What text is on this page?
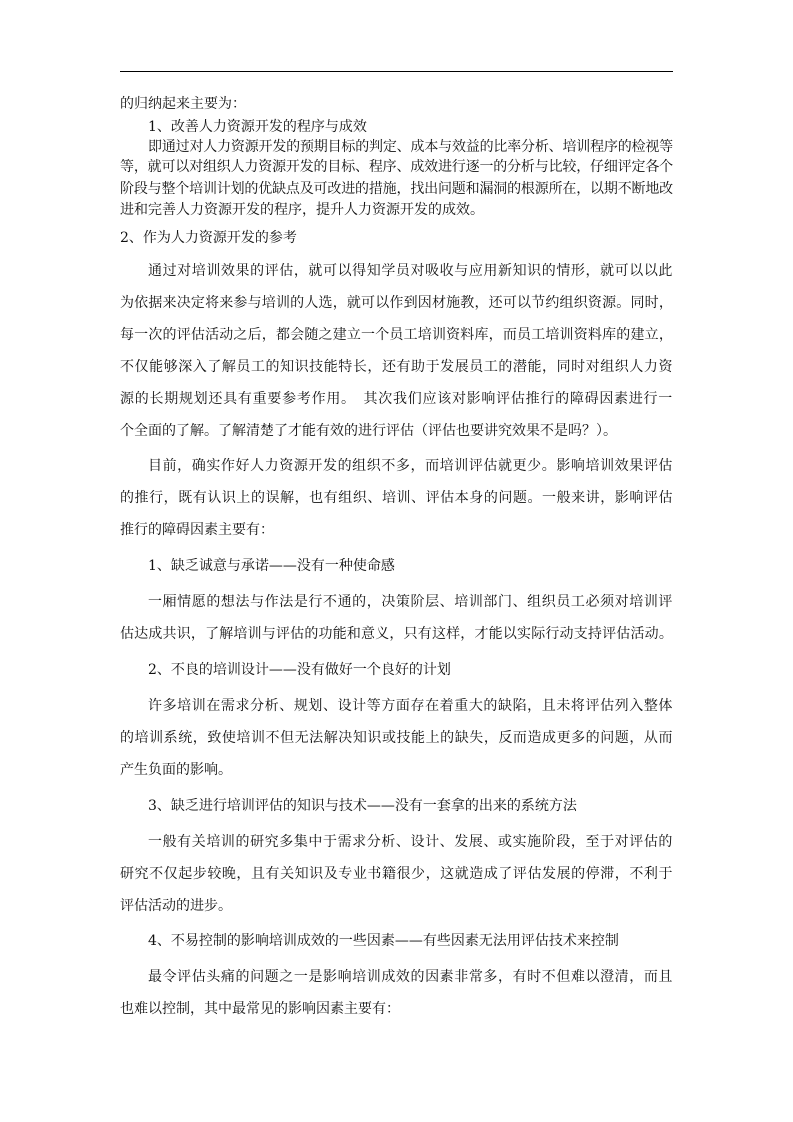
的归纳起来主要为：
1、改善人力资源开发的程序与成效
即通过对人力资源开发的预期目标的判定、成本与效益的比率分析、培训程序的检视等
等，就可以对组织人力资源开发的目标、程序、成效进行逐一的分析与比较，仔细评定各个
阶段与整个培训计划的优缺点及可改进的措施，找出问题和漏洞的根源所在，以期不断地改
进和完善人力资源开发的程序，提升人力资源开发的成效。
2、作为人力资源开发的参考
通过对培训效果的评估，就可以得知学员对吸收与应用新知识的情形，就可以以此
为依据来决定将来参与培训的人选，就可以作到因材施教，还可以节约组织资源。同时，
每一次的评估活动之后，都会随之建立一个员工培训资料库，而员工培训资料库的建立，
不仅能够深入了解员工的知识技能特长，还有助于发展员工的潜能，同时对组织人力资
源的长期规划还具有重要参考作用。　其次我们应该对影响评估推行的障碍因素进行一
个全面的了解。了解清楚了才能有效的进行评估（评估也要讲究效果不是吗？）。
目前，确实作好人力资源开发的组织不多，而培训评估就更少。影响培训效果评估
的推行，既有认识上的误解，也有组织、培训、评估本身的问题。一般来讲，影响评估
推行的障碍因素主要有：
1、缺乏诚意与承诺——没有一种使命感
一厢情愿的想法与作法是行不通的，决策阶层、培训部门、组织员工必须对培训评
估达成共识，了解培训与评估的功能和意义，只有这样，才能以实际行动支持评估活动。
2、不良的培训设计——没有做好一个良好的计划
许多培训在需求分析、规划、设计等方面存在着重大的缺陷，且未将评估列入整体
的培训系统，致使培训不但无法解决知识或技能上的缺失，反而造成更多的问题，从而
产生负面的影响。
3、缺乏进行培训评估的知识与技术——没有一套拿的出来的系统方法
一般有关培训的研究多集中于需求分析、设计、发展、或实施阶段，至于对评估的
研究不仅起步较晚，且有关知识及专业书籍很少，这就造成了评估发展的停滞，不利于
评估活动的进步。
4、不易控制的影响培训成效的一些因素——有些因素无法用评估技术来控制
最令评估头痛的问题之一是影响培训成效的因素非常多，有时不但难以澄清，而且
也难以控制，其中最常见的影响因素主要有：
